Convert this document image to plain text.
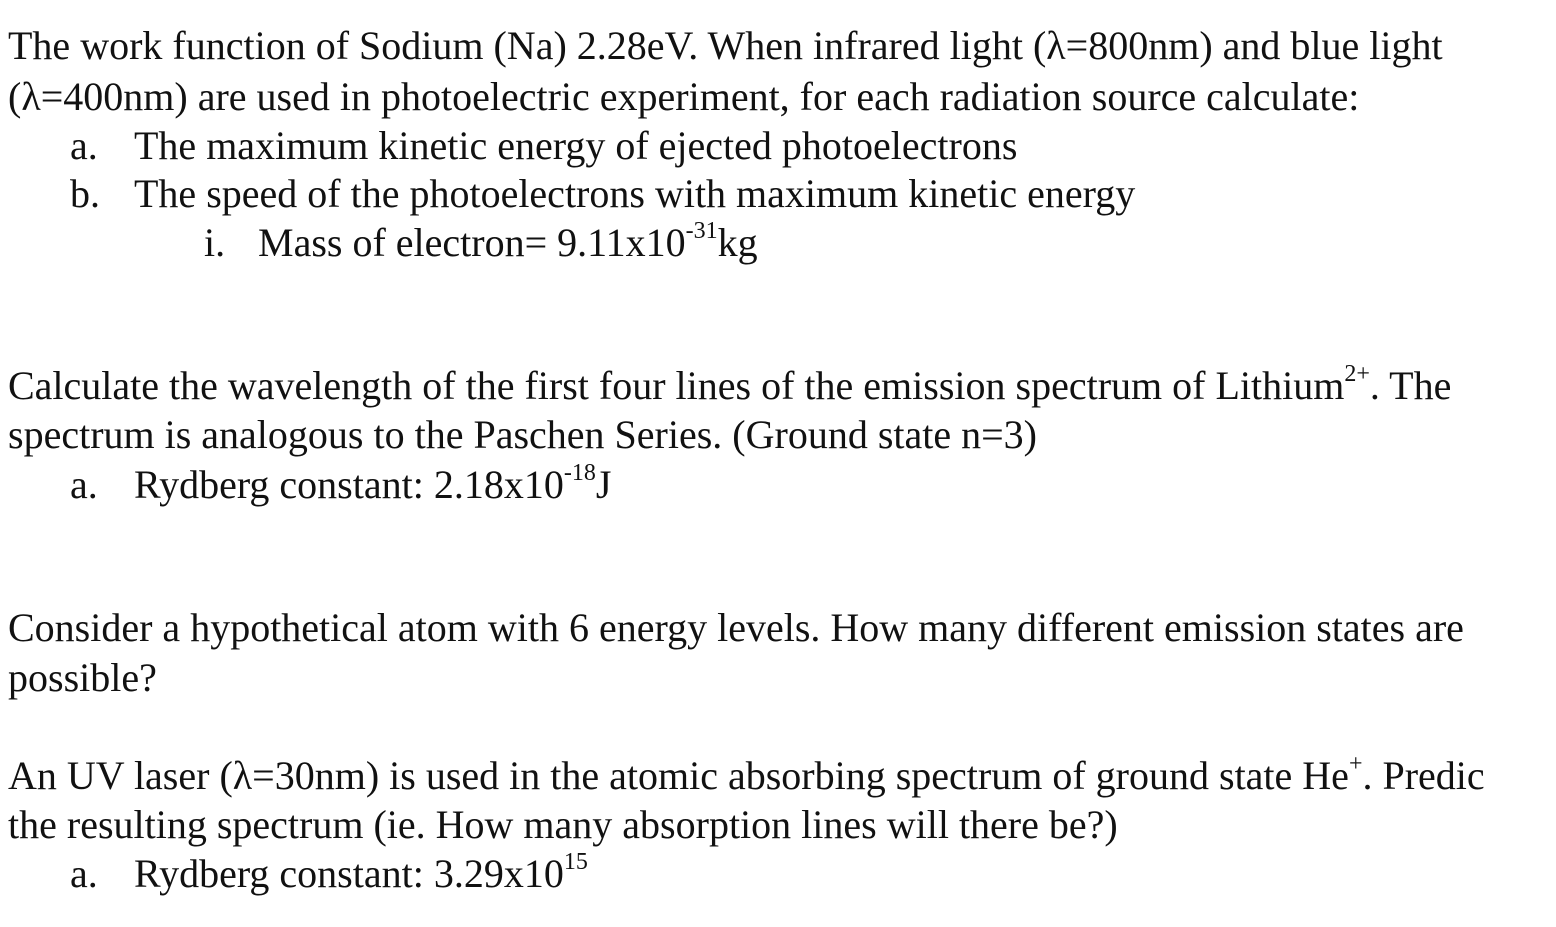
The work function of Sodium (Na) 2.28eV. When infrared light (λ=800nm) and blue light
(λ=400nm) are used in photoelectric experiment, for each radiation source calculate:
a. The maximum kinetic energy of ejected photoelectrons
b. The speed of the photoelectrons with maximum kinetic energy
i. Mass of electron= $9.11x10^{-31}kg$
Calculate the wavelength of the first four lines of the emission spectrum of Lithium$^{2+}$. The
spectrum is analogous to the Paschen Series. (Ground state n=3)
a. Rydberg constant: $2.18x10^{-18}J$
Consider a hypothetical atom with 6 energy levels. How many different emission states are
possible?
An UV laser (λ=30nm) is used in the atomic absorbing spectrum of ground state He+. Predic
the resulting spectrum (ie. How many absorption lines will there be?)
a. Rydberg constant: $3.29x10^{15}$
